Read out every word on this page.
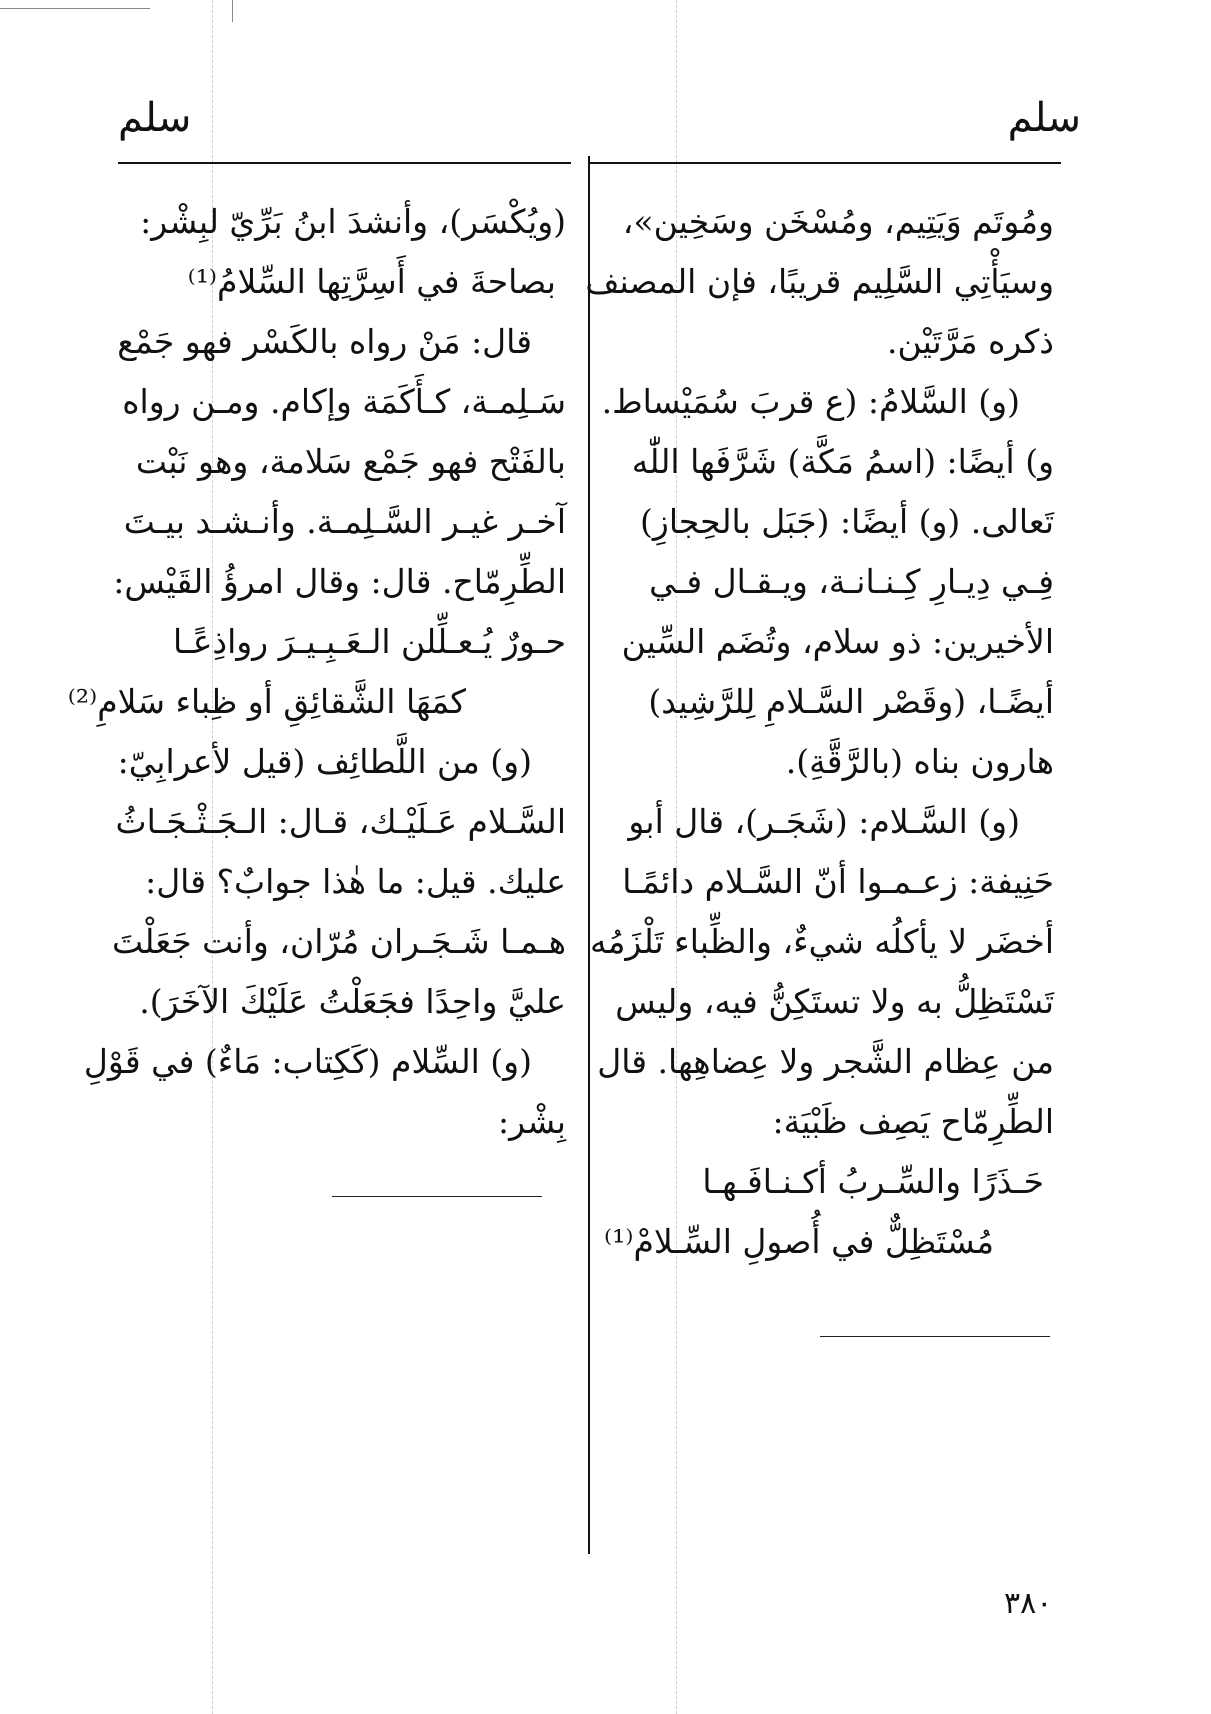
سلم
سلم
ومُوتَم وَيَتِيم، ومُسْخَن وسَخِين»،
وسيَأْتِي السَّلِيم قريبًا، فإن المصنف
ذكره مَرَّتَيْن.
(و) السَّلامُ: (ع قربَ سُمَيْساط.
و) أيضًا: (اسمُ مَكَّة) شَرَّفَها اللّٰه
تَعالى. (و) أيضًا: (جَبَل بالحِجازِ)
فِـي دِيـارِ كِـنـانـة، ويـقـال فـي
الأخيرين: ذو سلام، وتُضَم السِّين
أيضًـا، (وقَصْر السَّـلامِ لِلرَّشِيد)
هارون بناه (بالرَّقَّةِ).
(و) السَّـلام: (شَجَـر)، قال أبو
حَنِيفة: زعـمـوا أنّ السَّـلام دائمًـا
أخضَر لا يأكلُه شيءٌ، والظِّباء تَلْزَمُه
تَسْتَظِلُّ به ولا تستَكِنُّ فيه، وليس
من عِظام الشَّجر ولا عِضاهِها. قال
الطِّرِمّاح يَصِف ظَبْيَة:
حَـذَرًا والسِّـربُ أكـنـافَـهـا
مُسْتَظِلٌّ في أُصولِ السِّـلامْ⁽¹⁾
(ويُكْسَر)، وأنشدَ ابنُ بَرِّيّ لبِشْر:
بصاحةَ في أَسِرَّتِها السِّلامُ⁽¹⁾
قال: مَنْ رواه بالكَسْر فهو جَمْع
سَـلِمـة، كـأَكَمَة وإكام. ومـن رواه
بالفَتْح فهو جَمْع سَلامة، وهو نَبْت
آخـر غيـر السَّـلِمـة. وأنـشـد بيـتَ
الطِّرِمّاح. قال: وقال امرؤُ القَيْس:
حـورٌ يُـعـلِّلن الـعَـبِـيـرَ رواذِعًـا
كمَهَا الشَّقائِقِ أو ظِباء سَلامِ⁽²⁾
(و) من اللَّطائِف (قيل لأعرابِيّ:
السَّـلام عَـلَيْـك، قـال: الـجَـثْـجَـاثُ
عليك. قيل: ما هٰذا جوابٌ؟ قال:
هـمـا شَـجَـران مُرّان، وأنت جَعَلْتَ
عليَّ واحِدًا فجَعَلْتُ عَلَيْكَ الآخَرَ).
(و) السِّلام (كَكِتاب: مَاءٌ) في قَوْلِ
بِشْر:
٣٨٠
